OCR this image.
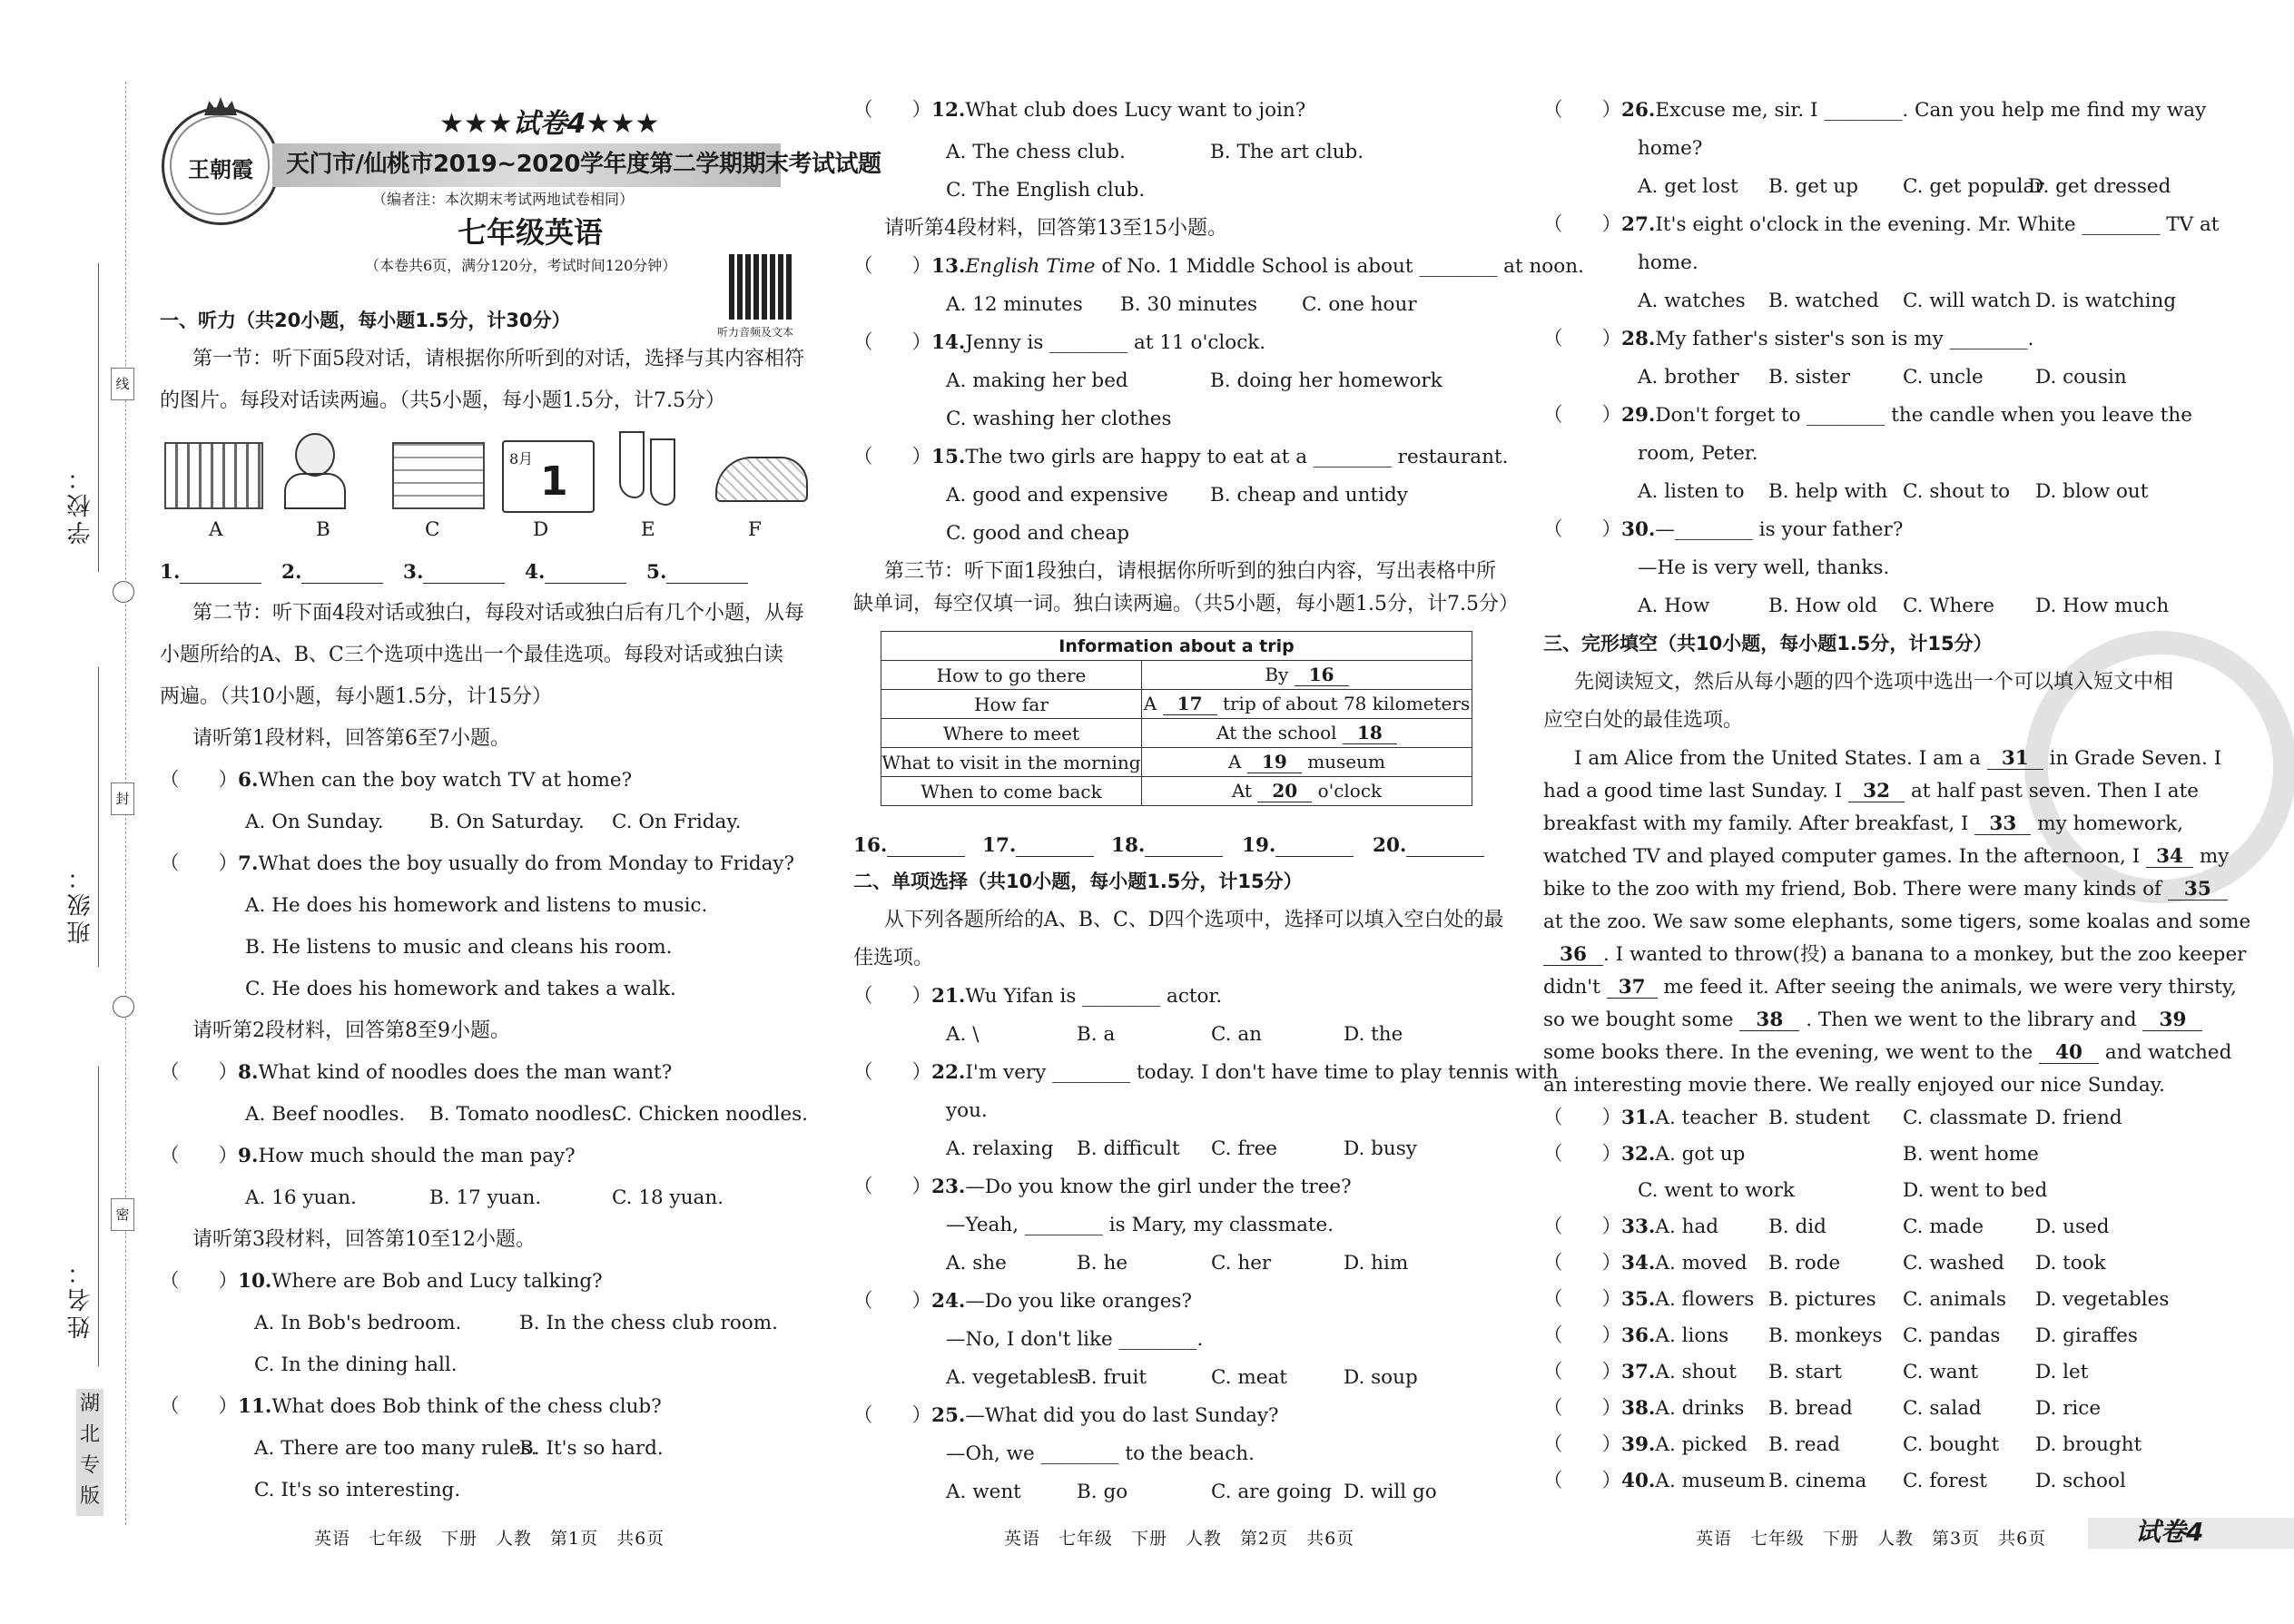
学校：
班级：
姓名：
线
封
密
湖北专版
王朝霞
★★★试卷4★★★
天门市/仙桃市2019~2020学年度第二学期期末考试试题
（编者注：本次期末考试两地试卷相同）
七年级英语
（本卷共6页，满分120分，考试时间120分钟）
听力音频及文本
一、听力（共20小题，每小题1.5分，计30分）
第一节：听下面5段对话，请根据你所听到的对话，选择与其内容相符
的图片。每段对话读两遍。（共5小题，每小题1.5分，计7.5分）
8月 1
A	B	C	D	E	F
1.	2.	3.	4.	5.
第二节：听下面4段对话或独白，每段对话或独白后有几个小题，从每
小题所给的A、B、C三个选项中选出一个最佳选项。每段对话或独白读
两遍。（共10小题，每小题1.5分，计15分）
请听第1段材料，回答第6至7小题。
（　　）6.When can the boy watch TV at home?
A. On Sunday. B. On Saturday. C. On Friday.
（　　）7.What does the boy usually do from Monday to Friday?
A. He does his homework and listens to music.
B. He listens to music and cleans his room.
C. He does his homework and takes a walk.
请听第2段材料，回答第8至9小题。
（　　）8.What kind of noodles does the man want?
A. Beef noodles. B. Tomato noodles.
C. Chicken noodles.
（　　）9.How much should the man pay?
A. 16 yuan.	B. 17 yuan.	C. 18 yuan.
请听第3段材料，回答第10至12小题。
（　　）10.Where are Bob and Lucy talking?
A. In Bob's bedroom.	B. In the chess club room.
C. In the dining hall.
（　　）11.What does Bob think of the chess club?
A. There are too many rules.
B. It's so hard.
C. It's so interesting.
（　　）12.What club does Lucy want to join?
A. The chess club.	B. The art club.
C. The English club.
请听第4段材料，回答第13至15小题。
（　　）13.English Time of No. 1 Middle School is about ________ at noon.
A. 12 minutes B. 30 minutes C. one hour
（　　）14.Jenny is ________ at 11 o'clock.
A. making her bed	B. doing her homework
C. washing her clothes
（　　）15.The two girls are happy to eat at a ________ restaurant.
A. good and expensive B. cheap and untidy
C. good and cheap
第三节：听下面1段独白，请根据你所听到的独白内容，写出表格中所
缺单词，每空仅填一词。独白读两遍。（共5小题，每小题1.5分，计7.5分）
Information about a trip	
How to go there	By 16
How far	A 17 trip of about 78 kilometers
Where to meet	At the school 18
What to visit in the morning	A 19 museum
When to come back	At 20 o'clock
16.	17.	18.	19.	20.
二、单项选择（共10小题，每小题1.5分，计15分）
从下列各题所给的A、B、C、D四个选项中，选择可以填入空白处的最
佳选项。
（　　）21.Wu Yifan is ________ actor.
A. \	B. a	C. an	D. the
（　　）22.I'm very ________ today. I don't have time to play tennis with
you.
A. relaxing B. difficult C. free	D. busy
（　　）23.—Do you know the girl under the tree?
—Yeah, ________ is Mary, my classmate.
A. she	B. he	C. her	D. him
（　　）24.—Do you like oranges?
—No, I don't like ________.
A. vegetables
B. fruit	C. meat	D. soup
（　　）25.—What did you do last Sunday?
—Oh, we ________ to the beach.
A. went	B. go	C. are going D. will go
（　　）26.Excuse me, sir. I ________. Can you help me find my way
home?
A. get lost B. get up C. get popular
D. get dressed
（　　）27.It's eight o'clock in the evening. Mr. White ________ TV at
home.
A. watches B. watched C. will watch D. is watching
（　　）28.My father's sister's son is my ________.
A. brother B. sister	C. uncle	D. cousin
（　　）29.Don't forget to ________ the candle when you leave the
room, Peter.
A. listen to B. help with C. shout to D. blow out
（　　）30.—________ is your father?
—He is very well, thanks.
A. How	B. How old C. Where D. How much
三、完形填空（共10小题，每小题1.5分，计15分）
先阅读短文，然后从每小题的四个选项中选出一个可以填入短文中相
应空白处的最佳选项。
I am Alice from the United States. I am a 31 in Grade Seven. I
had a good time last Sunday. I 32 at half past seven. Then I ate
breakfast with my family. After breakfast, I 33 my homework,
watched TV and played computer games. In the afternoon, I 34 my
bike to the zoo with my friend, Bob. There were many kinds of 35
at the zoo. We saw some elephants, some tigers, some koalas and some
36 . I wanted to throw(投) a banana to a monkey, but the zoo keeper
didn't 37 me feed it. After seeing the animals, we were very thirsty,
so we bought some 38 . Then we went to the library and 39
some books there. In the evening, we went to the 40 and watched
an interesting movie there. We really enjoyed our nice Sunday.
（　　）31.A. teacher B. student C. classmate D. friend
（　　）32.A. got up	B. went home
C. went to work	D. went to bed
（　　）33.A. had	B. did	C. made	D. used
（　　）34.A. moved B. rode	C. washed D. took
（　　）35.A. flowers B. pictures C. animals D. vegetables
（　　）36.A. lions B. monkeys C. pandas D. giraffes
（　　）37.A. shout B. start	C. want	D. let
（　　）38.A. drinks B. bread	C. salad	D. rice
（　　）39.A. picked B. read	C. bought D. brought
（　　）40.A. museum B. cinema C. forest D. school
英语　七年级　下册　人教　第1页　共6页	英语　七年级　下册　人教　第2页　共6页	英语　七年级　下册　人教　第3页　共6页	试卷4
